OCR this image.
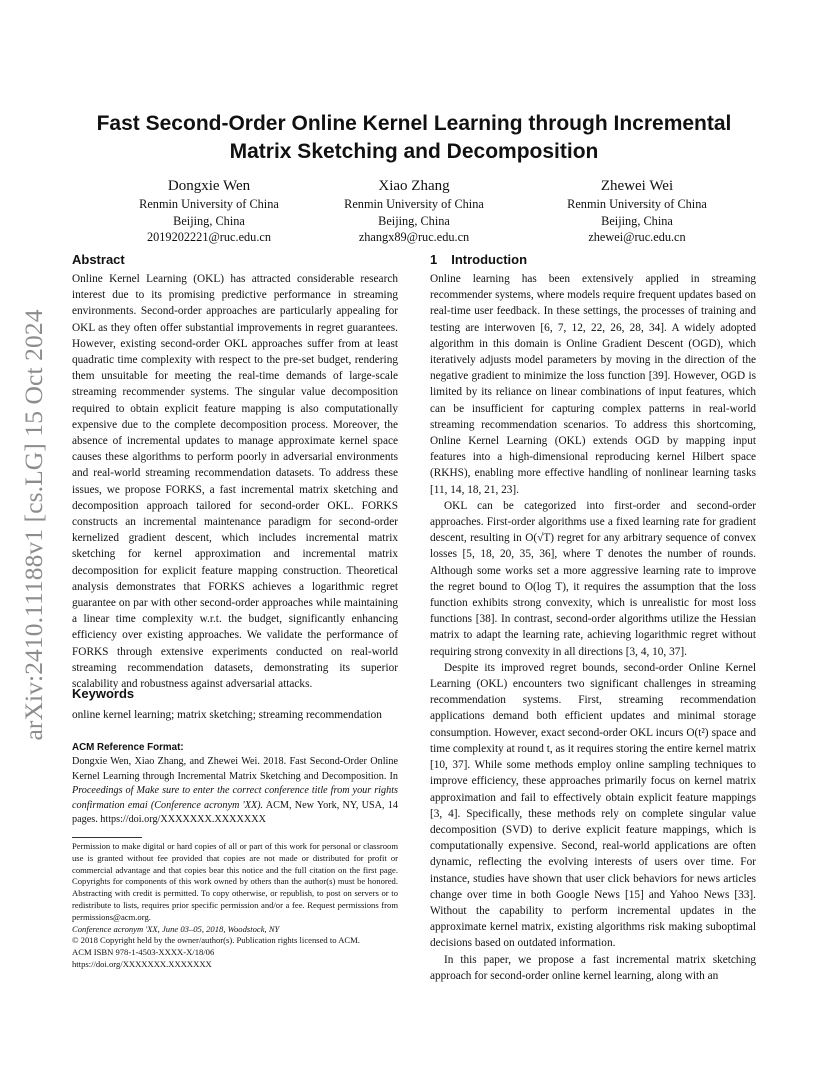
arXiv:2410.11188v1 [cs.LG] 15 Oct 2024
Fast Second-Order Online Kernel Learning through Incremental
Matrix Sketching and Decomposition
Dongxie Wen
Renmin University of China
Beijing, China
2019202221@ruc.edu.cn
Xiao Zhang
Renmin University of China
Beijing, China
zhangx89@ruc.edu.cn
Zhewei Wei
Renmin University of China
Beijing, China
zhewei@ruc.edu.cn
Abstract

Online Kernel Learning (OKL) has attracted considerable research interest due to its promising predictive performance in streaming environments. Second-order approaches are particularly appealing for OKL as they often offer substantial improvements in regret guarantees. However, existing second-order OKL approaches suffer from at least quadratic time complexity with respect to the pre-set budget, rendering them unsuitable for meeting the real-time demands of large-scale streaming recommender systems. The singular value decomposition required to obtain explicit feature mapping is also computationally expensive due to the complete decomposition process. Moreover, the absence of incremental updates to manage approximate kernel space causes these algorithms to perform poorly in adversarial environments and real-world streaming recommendation datasets. To address these issues, we propose FORKS, a fast incremental matrix sketching and decomposition approach tailored for second-order OKL. FORKS constructs an incremental maintenance paradigm for second-order kernelized gradient descent, which includes incremental matrix sketching for kernel approximation and incremental matrix decomposition for explicit feature mapping construction. Theoretical analysis demonstrates that FORKS achieves a logarithmic regret guarantee on par with other second-order approaches while maintaining a linear time complexity w.r.t. the budget, significantly enhancing efficiency over existing approaches. We validate the performance of FORKS through extensive experiments conducted on real-world streaming recommendation datasets, demonstrating its superior scalability and robustness against adversarial attacks.

Keywords

online kernel learning; matrix sketching; streaming recommendation

ACM Reference Format:

Dongxie Wen, Xiao Zhang, and Zhewei Wei. 2018. Fast Second-Order Online Kernel Learning through Incremental Matrix Sketching and Decomposition. In Proceedings of Make sure to enter the correct conference title from your rights confirmation emai (Conference acronym 'XX). ACM, New York, NY, USA, 14 pages. https://doi.org/XXXXXXX.XXXXXXX

Permission to make digital or hard copies of all or part of this work for personal or classroom use is granted without fee provided that copies are not made or distributed for profit or commercial advantage and that copies bear this notice and the full citation on the first page. Copyrights for components of this work owned by others than the author(s) must be honored. Abstracting with credit is permitted. To copy otherwise, or republish, to post on servers or to redistribute to lists, requires prior specific permission and/or a fee. Request permissions from permissions@acm.org.

Conference acronym 'XX, June 03–05, 2018, Woodstock, NY

© 2018 Copyright held by the owner/author(s). Publication rights licensed to ACM.

ACM ISBN 978-1-4503-XXXX-X/18/06

https://doi.org/XXXXXXX.XXXXXXX

1 Introduction

Online learning has been extensively applied in streaming recommender systems, where models require frequent updates based on real-time user feedback. In these settings, the processes of training and testing are interwoven [6, 7, 12, 22, 26, 28, 34]. A widely adopted algorithm in this domain is Online Gradient Descent (OGD), which iteratively adjusts model parameters by moving in the direction of the negative gradient to minimize the loss function [39]. However, OGD is limited by its reliance on linear combinations of input features, which can be insufficient for capturing complex patterns in real-world streaming recommendation scenarios. To address this shortcoming, Online Kernel Learning (OKL) extends OGD by mapping input features into a high-dimensional reproducing kernel Hilbert space (RKHS), enabling more effective handling of nonlinear learning tasks [11, 14, 18, 21, 23].

OKL can be categorized into first-order and second-order approaches. First-order algorithms use a fixed learning rate for gradient descent, resulting in O(√T) regret for any arbitrary sequence of convex losses [5, 18, 20, 35, 36], where T denotes the number of rounds. Although some works set a more aggressive learning rate to improve the regret bound to O(log T), it requires the assumption that the loss function exhibits strong convexity, which is unrealistic for most loss functions [38]. In contrast, second-order algorithms utilize the Hessian matrix to adapt the learning rate, achieving logarithmic regret without requiring strong convexity in all directions [3, 4, 10, 37].

Despite its improved regret bounds, second-order Online Kernel Learning (OKL) encounters two significant challenges in streaming recommendation systems. First, streaming recommendation applications demand both efficient updates and minimal storage consumption. However, exact second-order OKL incurs O(t²) space and time complexity at round t, as it requires storing the entire kernel matrix [10, 37]. While some methods employ online sampling techniques to improve efficiency, these approaches primarily focus on kernel matrix approximation and fail to effectively obtain explicit feature mappings [3, 4]. Specifically, these methods rely on complete singular value decomposition (SVD) to derive explicit feature mappings, which is computationally expensive. Second, real-world applications are often dynamic, reflecting the evolving interests of users over time. For instance, studies have shown that user click behaviors for news articles change over time in both Google News [15] and Yahoo News [33]. Without the capability to perform incremental updates in the approximate kernel matrix, existing algorithms risk making suboptimal decisions based on outdated information.

In this paper, we propose a fast incremental matrix sketching approach for second-order online kernel learning, along with an
